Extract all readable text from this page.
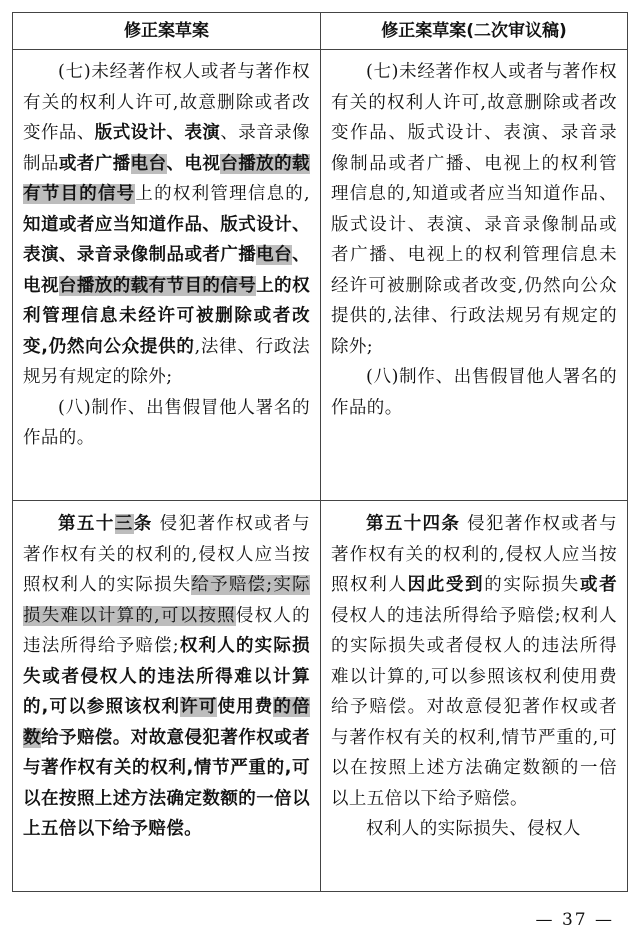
修正案草案	修正案草案(二次审议稿)

(七)未经著作权人或者与著作权有关的权利人许可,故意删除或者改变作品、版式设计、表演、录音录像制品或者广播电台、电视台播放的载有节目的信号上的权利管理信息的,知道或者应当知道作品、版式设计、表演、录音录像制品或者广播电台、电视台播放的载有节目的信号上的权利管理信息未经许可被删除或者改变,仍然向公众提供的,法律、行政法规另有规定的除外;

(八)制作、出售假冒他人署名的作品的。

(七)未经著作权人或者与著作权有关的权利人许可,故意删除或者改变作品、版式设计、表演、录音录像制品或者广播、电视上的权利管理信息的,知道或者应当知道作品、版式设计、表演、录音录像制品或者广播、电视上的权利管理信息未经许可被删除或者改变,仍然向公众提供的,法律、行政法规另有规定的除外;

(八)制作、出售假冒他人署名的作品的。

第五十三条 侵犯著作权或者与著作权有关的权利的,侵权人应当按照权利人的实际损失给予赔偿;实际损失难以计算的,可以按照侵权人的违法所得给予赔偿;权利人的实际损失或者侵权人的违法所得难以计算的,可以参照该权利许可使用费的倍数给予赔偿。对故意侵犯著作权或者与著作权有关的权利,情节严重的,可以在按照上述方法确定数额的一倍以上五倍以下给予赔偿。

第五十四条 侵犯著作权或者与著作权有关的权利的,侵权人应当按照权利人因此受到的实际损失或者侵权人的违法所得给予赔偿;权利人的实际损失或者侵权人的违法所得难以计算的,可以参照该权利使用费给予赔偿。对故意侵犯著作权或者与著作权有关的权利,情节严重的,可以在按照上述方法确定数额的一倍以上五倍以下给予赔偿。

权利人的实际损失、侵权人

— 37 —
